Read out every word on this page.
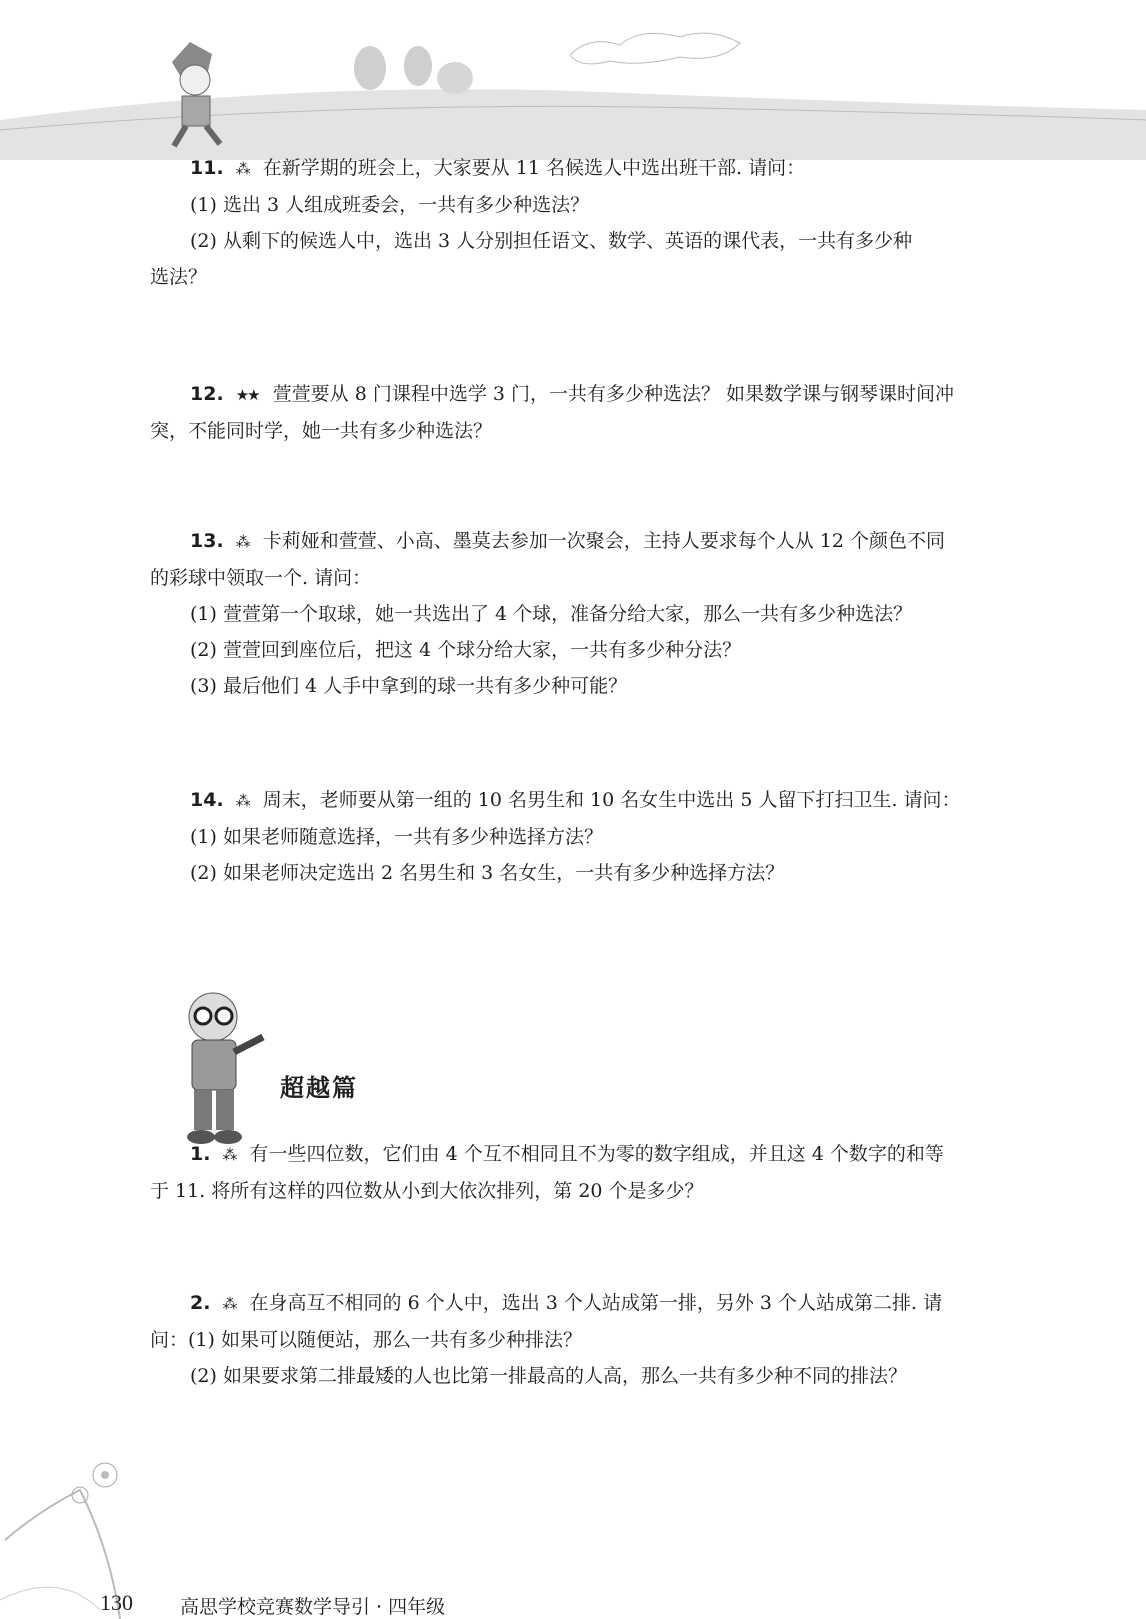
11. ⁂ 在新学期的班会上，大家要从 11 名候选人中选出班干部. 请问：
(1) 选出 3 人组成班委会，一共有多少种选法？
(2) 从剩下的候选人中，选出 3 人分别担任语文、数学、英语的课代表，一共有多少种
选法？
12. ★★ 萱萱要从 8 门课程中选学 3 门，一共有多少种选法？ 如果数学课与钢琴课时间冲
突，不能同时学，她一共有多少种选法？
13. ⁂ 卡莉娅和萱萱、小高、墨莫去参加一次聚会，主持人要求每个人从 12 个颜色不同
的彩球中领取一个. 请问：
(1) 萱萱第一个取球，她一共选出了 4 个球，准备分给大家，那么一共有多少种选法？
(2) 萱萱回到座位后，把这 4 个球分给大家，一共有多少种分法？
(3) 最后他们 4 人手中拿到的球一共有多少种可能？
14. ⁂ 周末，老师要从第一组的 10 名男生和 10 名女生中选出 5 人留下打扫卫生. 请问：
(1) 如果老师随意选择，一共有多少种选择方法？
(2) 如果老师决定选出 2 名男生和 3 名女生，一共有多少种选择方法？
超越篇
1. ⁂ 有一些四位数，它们由 4 个互不相同且不为零的数字组成，并且这 4 个数字的和等
于 11. 将所有这样的四位数从小到大依次排列，第 20 个是多少？
2. ⁂ 在身高互不相同的 6 个人中，选出 3 个人站成第一排，另外 3 个人站成第二排. 请
问：(1) 如果可以随便站，那么一共有多少种排法？
(2) 如果要求第二排最矮的人也比第一排最高的人高，那么一共有多少种不同的排法？
130 高思学校竞赛数学导引 · 四年级
